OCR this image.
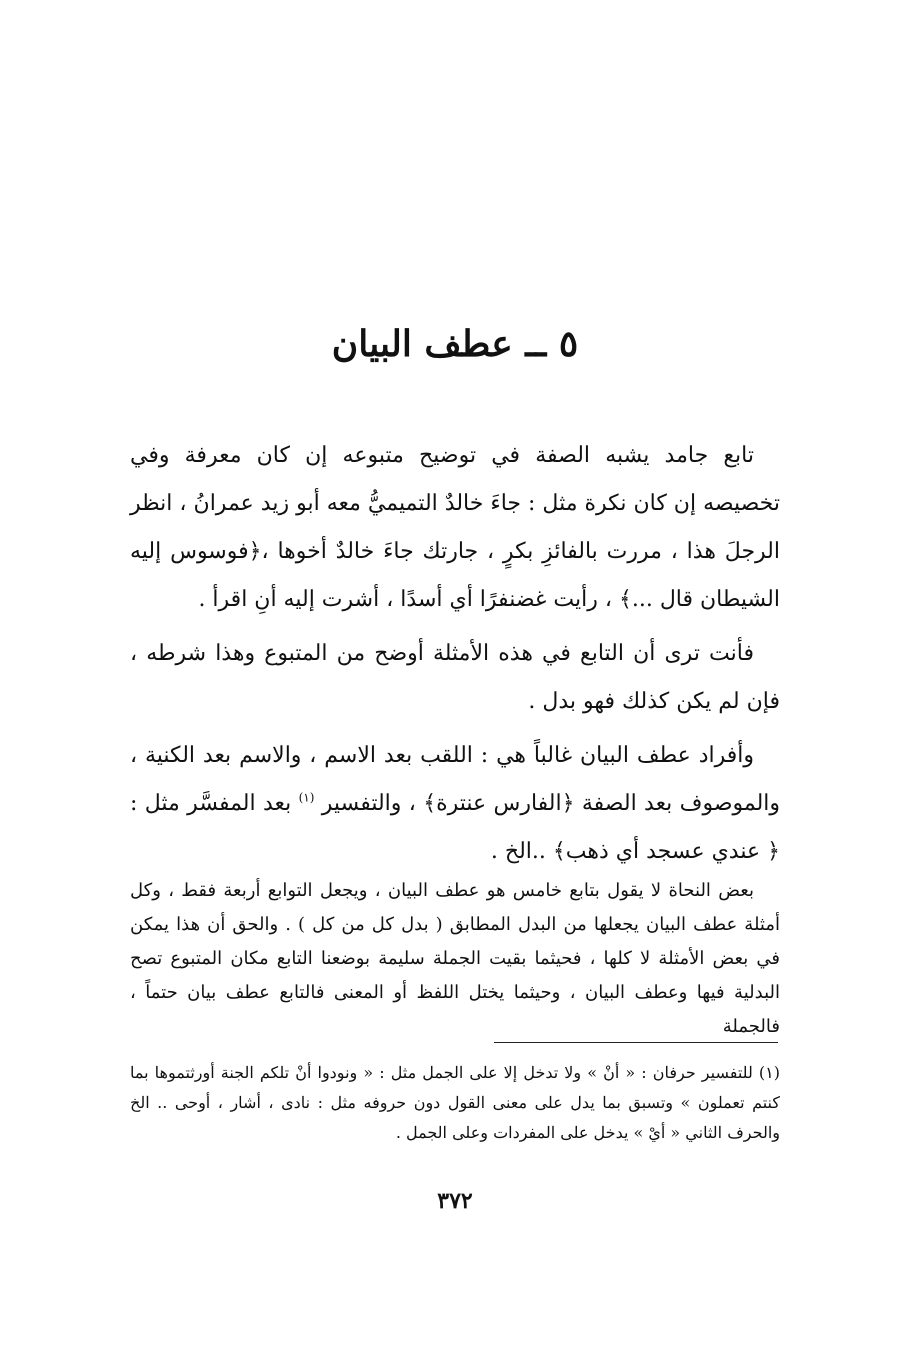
٥ ــ عطف البيان

تابع جامد يشبه الصفة في توضيح متبوعه إن كان معرفة وفي تخصيصه إن كان نكرة مثل : جاءَ خالدٌ التميميُّ معه أبو زيد عمرانُ ، انظر الرجلَ هذا ، مررت بالفائزِ بكرٍ ، جارتك جاءَ خالدٌ أخوها ،﴿فوسوس إليه الشيطان قال ...﴾ ، رأيت غضنفرًا أي أسدًا ، أشرت إليه أنِ اقرأ .

فأنت ترى أن التابع في هذه الأمثلة أوضح من المتبوع وهذا شرطه ، فإن لم يكن كذلك فهو بدل .

وأفراد عطف البيان غالباً هي : اللقب بعد الاسم ، والاسم بعد الكنية ، والموصوف بعد الصفة ﴿الفارس عنترة﴾ ، والتفسير $^{(١)}$ بعد المفسَّر مثل : ﴿ عندي عسجد أي ذهب﴾ ..الخ .

بعض النحاة لا يقول بتابع خامس هو عطف البيان ، ويجعل التوابع أربعة فقط ، وكل أمثلة عطف البيان يجعلها من البدل المطابق ( بدل كل من كل ) . والحق أن هذا يمكن في بعض الأمثلة لا كلها ، فحيثما بقيت الجملة سليمة بوضعنا التابع مكان المتبوع تصح البدلية فيها وعطف البيان ، وحيثما يختل اللفظ أو المعنى فالتابع عطف بيان حتماً ، فالجملة

(١) للتفسير حرفان : « أنْ » ولا تدخل إلا على الجمل مثل : « ونودوا أنْ تلكم الجنة أورثتموها بما كنتم تعملون » وتسبق بما يدل على معنى القول دون حروفه مثل : نادى ، أشار ، أوحى .. الخ والحرف الثاني « أيْ » يدخل على المفردات وعلى الجمل .

٣٧٢
